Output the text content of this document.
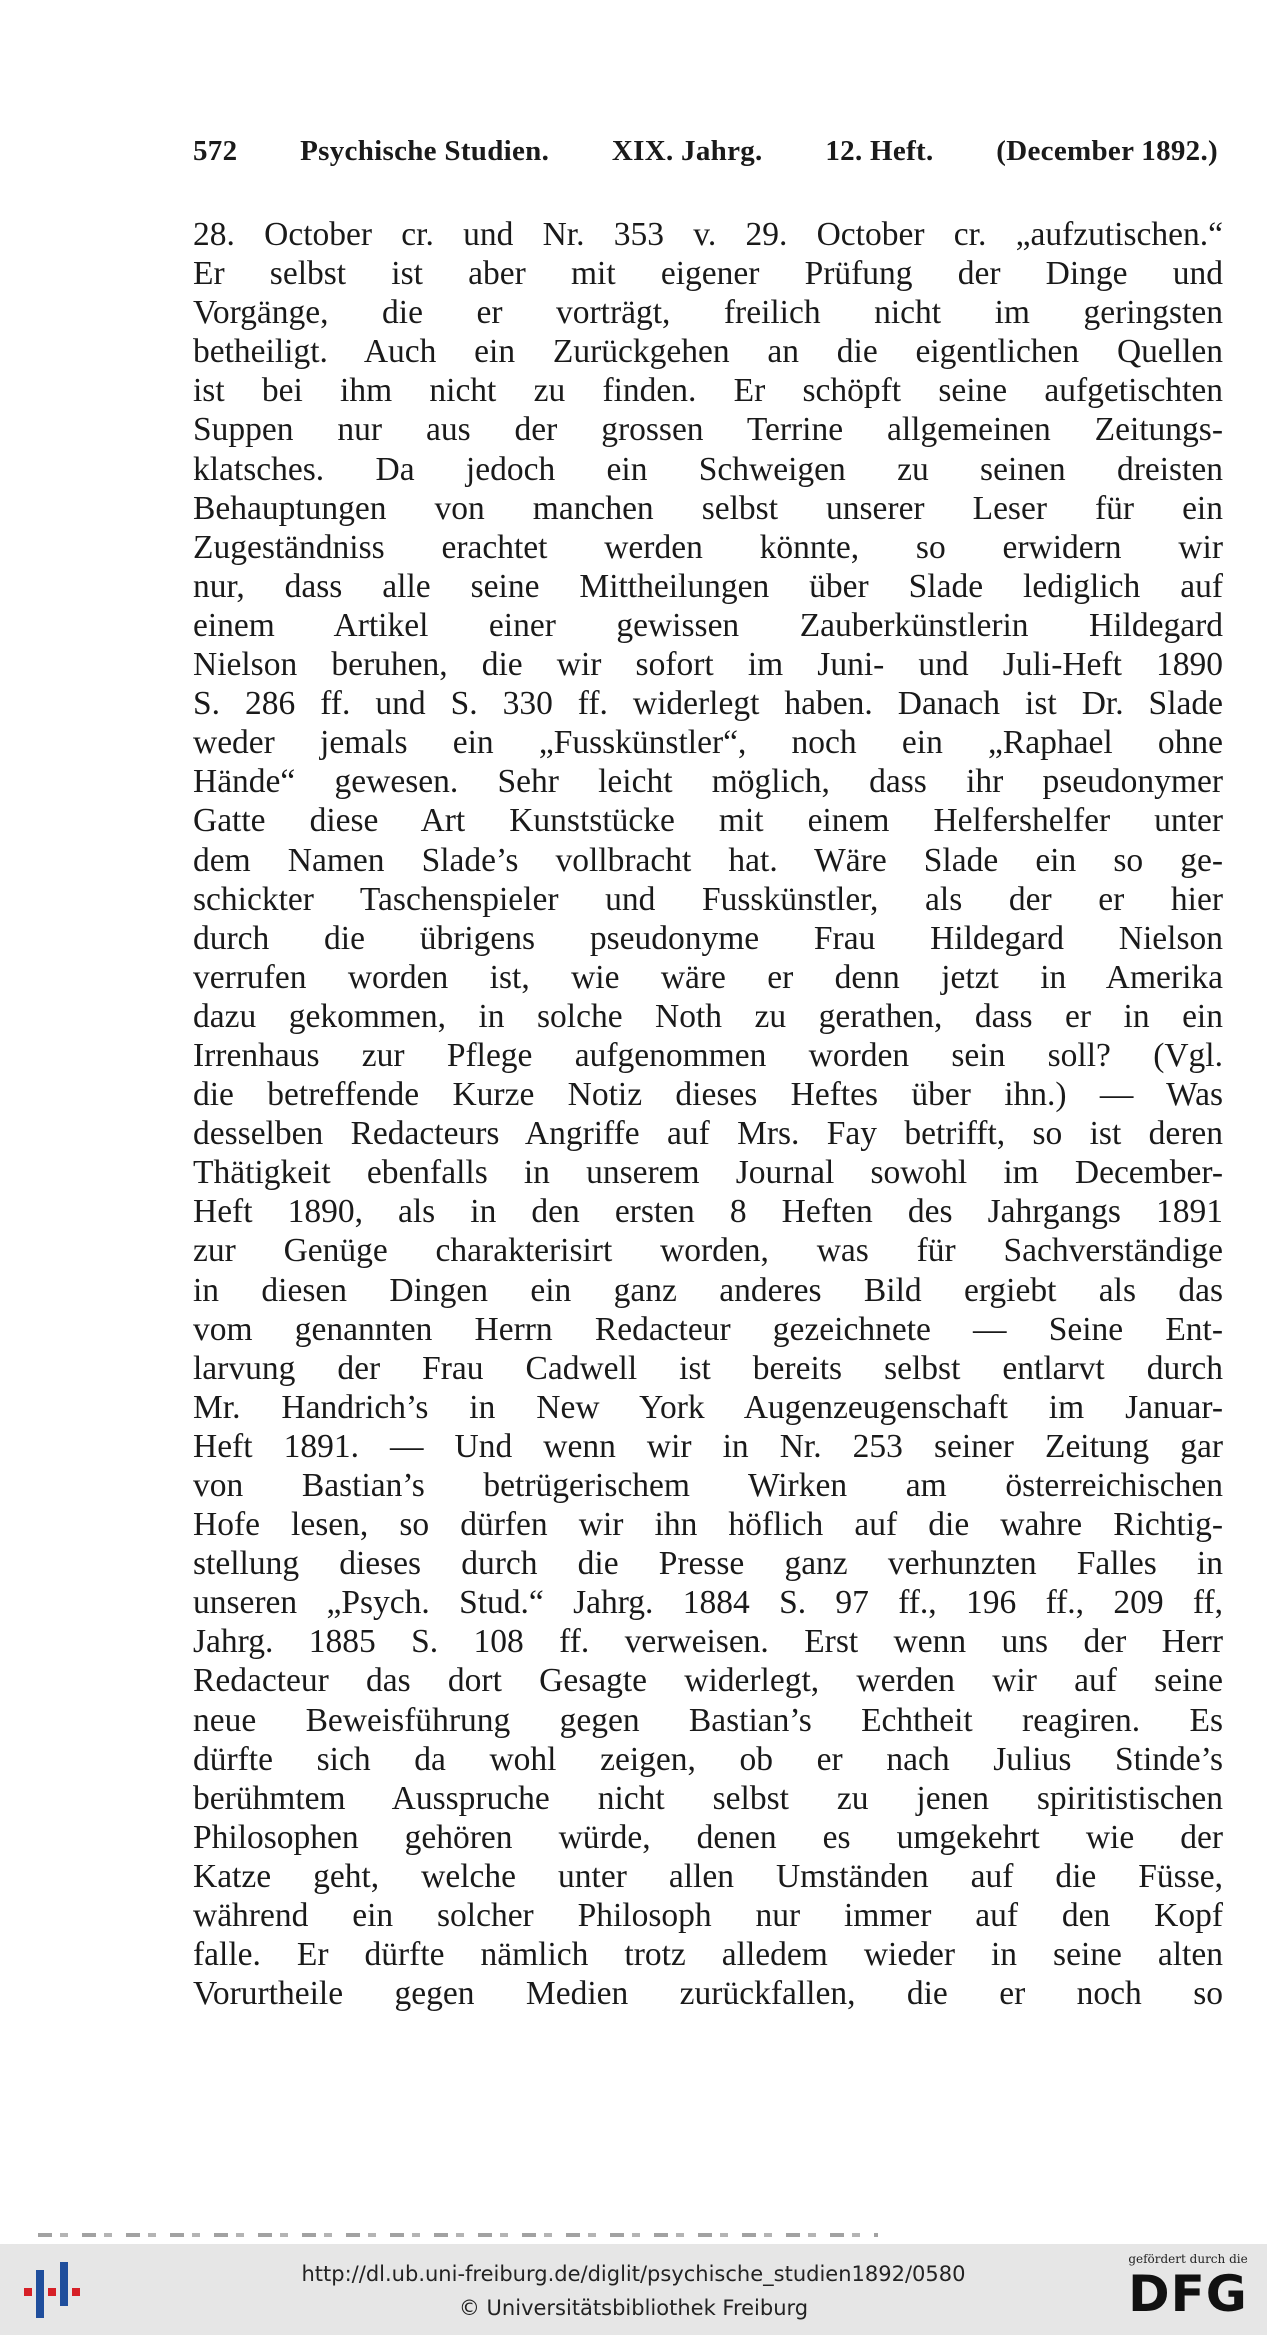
572 Psychische Studien. XIX. Jahrg. 12. Heft. (December 1892.)
28. October cr. und Nr. 353 v. 29. October cr. „aufzutischen.“
Er selbst ist aber mit eigener Prüfung der Dinge und
Vorgänge, die er vorträgt, freilich nicht im geringsten
betheiligt. Auch ein Zurückgehen an die eigentlichen Quellen
ist bei ihm nicht zu finden. Er schöpft seine aufgetischten
Suppen nur aus der grossen Terrine allgemeinen Zeitungs-
klatsches. Da jedoch ein Schweigen zu seinen dreisten
Behauptungen von manchen selbst unserer Leser für ein
Zugeständniss erachtet werden könnte, so erwidern wir
nur, dass alle seine Mittheilungen über Slade lediglich auf
einem Artikel einer gewissen Zauberkünstlerin Hildegard
Nielson beruhen, die wir sofort im Juni- und Juli-Heft 1890
S. 286 ff. und S. 330 ff. widerlegt haben. Danach ist Dr. Slade
weder jemals ein „Fusskünstler“, noch ein „Raphael ohne
Hände“ gewesen. Sehr leicht möglich, dass ihr pseudonymer
Gatte diese Art Kunststücke mit einem Helfershelfer unter
dem Namen Slade’s vollbracht hat. Wäre Slade ein so ge-
schickter Taschenspieler und Fusskünstler, als der er hier
durch die übrigens pseudonyme Frau Hildegard Nielson
verrufen worden ist, wie wäre er denn jetzt in Amerika
dazu gekommen, in solche Noth zu gerathen, dass er in ein
Irrenhaus zur Pflege aufgenommen worden sein soll? (Vgl.
die betreffende Kurze Notiz dieses Heftes über ihn.) — Was
desselben Redacteurs Angriffe auf Mrs. Fay betrifft, so ist deren
Thätigkeit ebenfalls in unserem Journal sowohl im December-
Heft 1890, als in den ersten 8 Heften des Jahrgangs 1891
zur Genüge charakterisirt worden, was für Sachverständige
in diesen Dingen ein ganz anderes Bild ergiebt als das
vom genannten Herrn Redacteur gezeichnete — Seine Ent-
larvung der Frau Cadwell ist bereits selbst entlarvt durch
Mr. Handrich’s in New York Augenzeugenschaft im Januar-
Heft 1891. — Und wenn wir in Nr. 253 seiner Zeitung gar
von Bastian’s betrügerischem Wirken am österreichischen
Hofe lesen, so dürfen wir ihn höflich auf die wahre Richtig-
stellung dieses durch die Presse ganz verhunzten Falles in
unseren „Psych. Stud.“ Jahrg. 1884 S. 97 ff., 196 ff., 209 ff,
Jahrg. 1885 S. 108 ff. verweisen. Erst wenn uns der Herr
Redacteur das dort Gesagte widerlegt, werden wir auf seine
neue Beweisführung gegen Bastian’s Echtheit reagiren. Es
dürfte sich da wohl zeigen, ob er nach Julius Stinde’s
berühmtem Ausspruche nicht selbst zu jenen spiritistischen
Philosophen gehören würde, denen es umgekehrt wie der
Katze geht, welche unter allen Umständen auf die Füsse,
während ein solcher Philosoph nur immer auf den Kopf
falle. Er dürfte nämlich trotz alledem wieder in seine alten
Vorurtheile gegen Medien zurückfallen, die er noch so
http://dl.ub.uni-freiburg.de/diglit/psychische_studien1892/0580
© Universitätsbibliothek Freiburg
gefördert durch die
DFG
